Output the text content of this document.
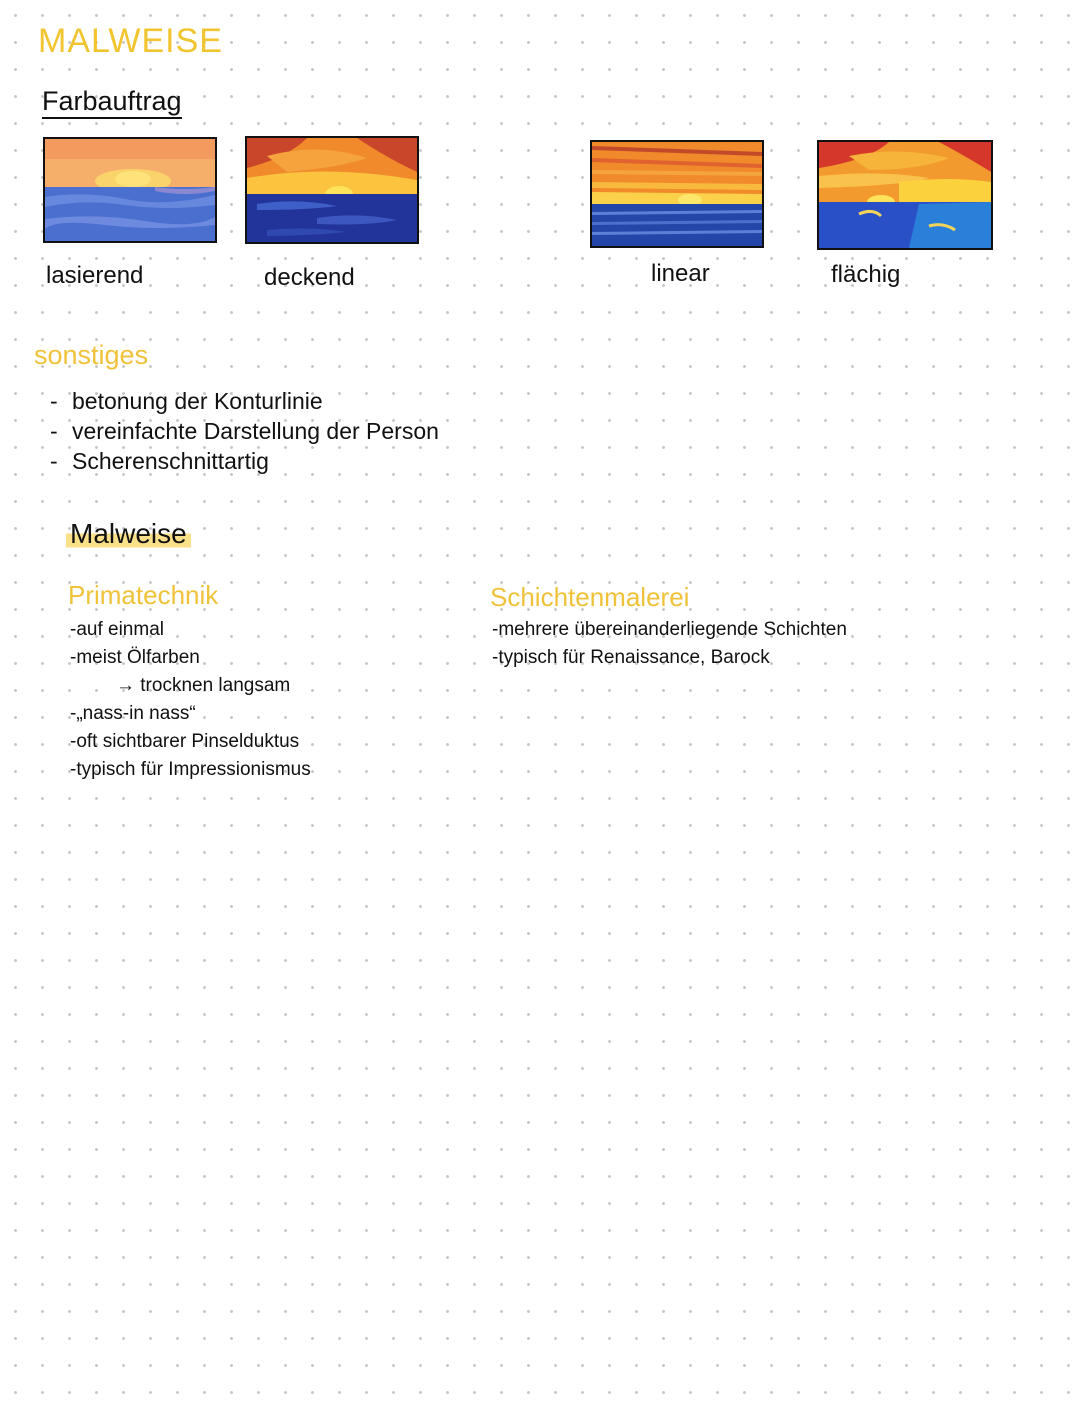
MALWEISE
Farbauftrag
lasierend	deckend	linear	flächig
sonstiges
- betonung der Konturlinie
- vereinfachte Darstellung der Person
- Scherenschnittartig
Malweise
Primatechnik
-auf einmal
-meist Ölfarben
→ trocknen langsam
-„nass-in nass“
-oft sichtbarer Pinselduktus
-typisch für Impressionismus
Schichtenmalerei
-mehrere übereinanderliegende Schichten
-typisch für Renaissance, Barock
